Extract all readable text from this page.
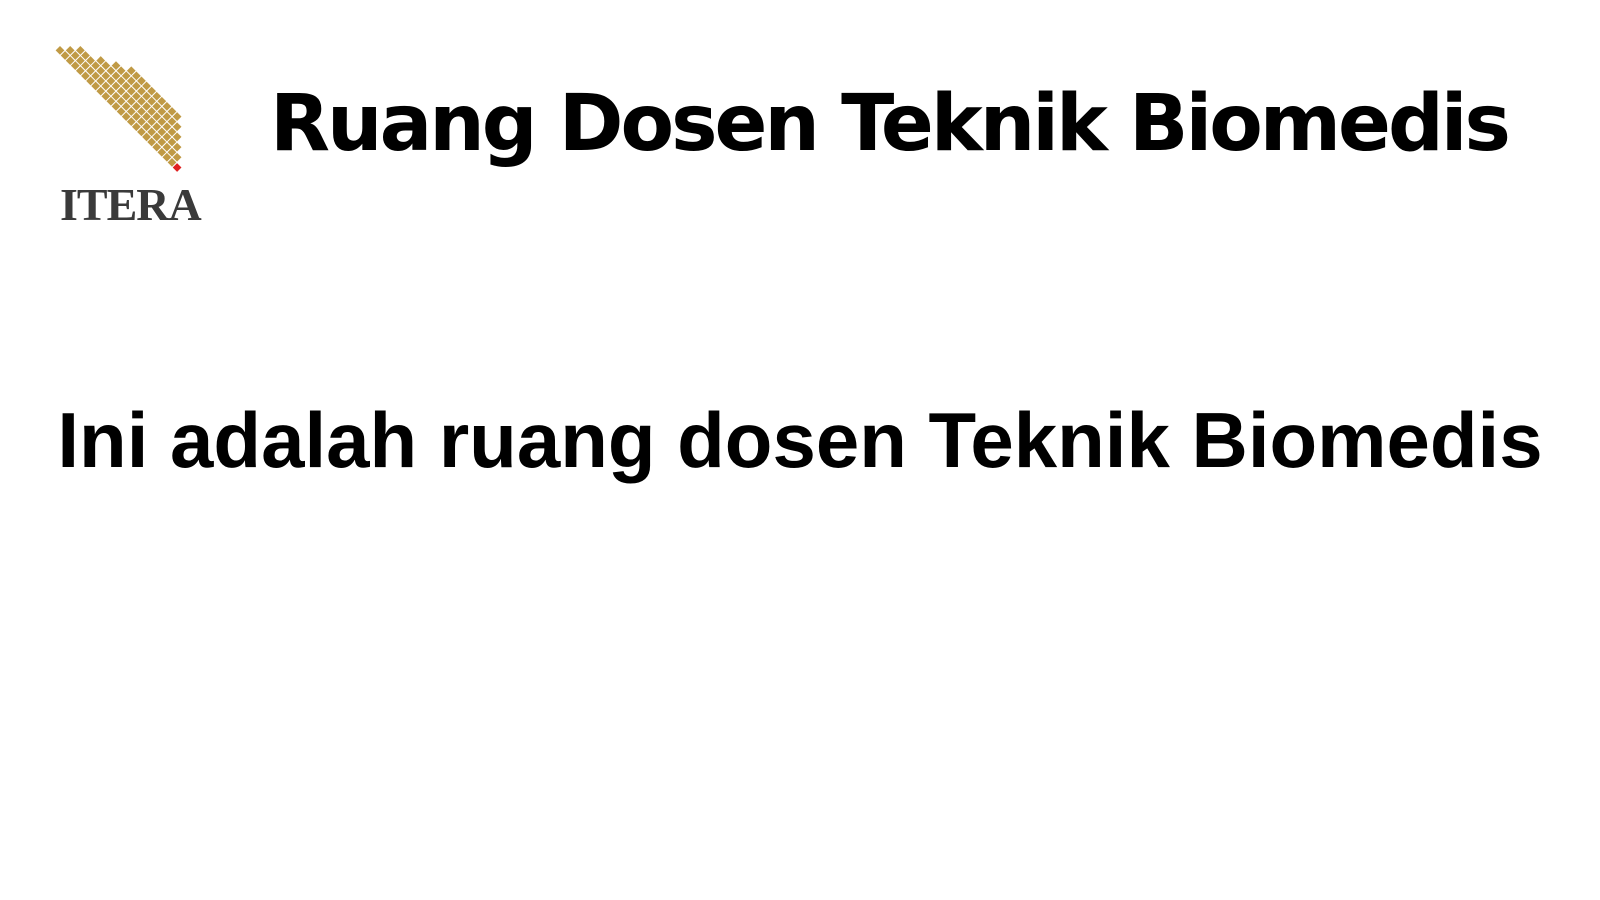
ITERA
Ruang Dosen Teknik Biomedis
Ini adalah ruang dosen Teknik Biomedis
